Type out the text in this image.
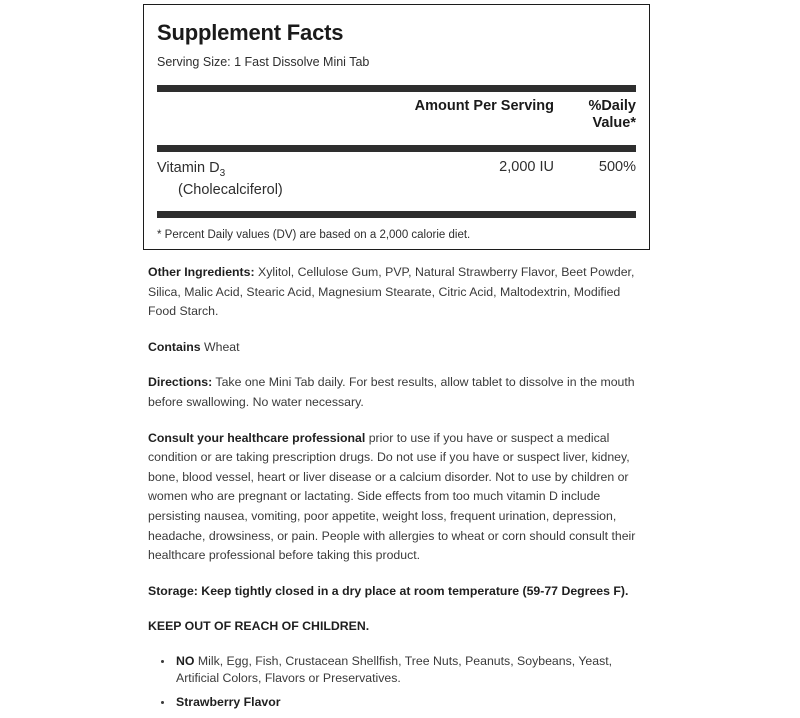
Supplement Facts
Serving Size: 1 Fast Dissolve Mini Tab
Amount Per Serving	%Daily Value*
Vitamin $D_3$
(Cholecalciferol)
2,000 IU	500%
* Percent Daily values (DV) are based on a 2,000 calorie diet.

Other Ingredients: Xylitol, Cellulose Gum, PVP, Natural Strawberry Flavor, Beet Powder, Silica, Malic Acid, Stearic Acid, Magnesium Stearate, Citric Acid, Maltodextrin, Modified Food Starch.

Contains Wheat

Directions: Take one Mini Tab daily. For best results, allow tablet to dissolve in the mouth before swallowing. No water necessary.

Consult your healthcare professional prior to use if you have or suspect a medical condition or are taking prescription drugs. Do not use if you have or suspect liver, kidney, bone, blood vessel, heart or liver disease or a calcium disorder. Not to use by children or women who are pregnant or lactating. Side effects from too much vitamin D include persisting nausea, vomiting, poor appetite, weight loss, frequent urination, depression, headache, drowsiness, or pain. People with allergies to wheat or corn should consult their healthcare professional before taking this product.

Storage: Keep tightly closed in a dry place at room temperature (59-77 Degrees F).

KEEP OUT OF REACH OF CHILDREN.

• NO Milk, Egg, Fish, Crustacean Shellfish, Tree Nuts, Peanuts, Soybeans, Yeast, Artificial Colors, Flavors or Preservatives.
• Strawberry Flavor
